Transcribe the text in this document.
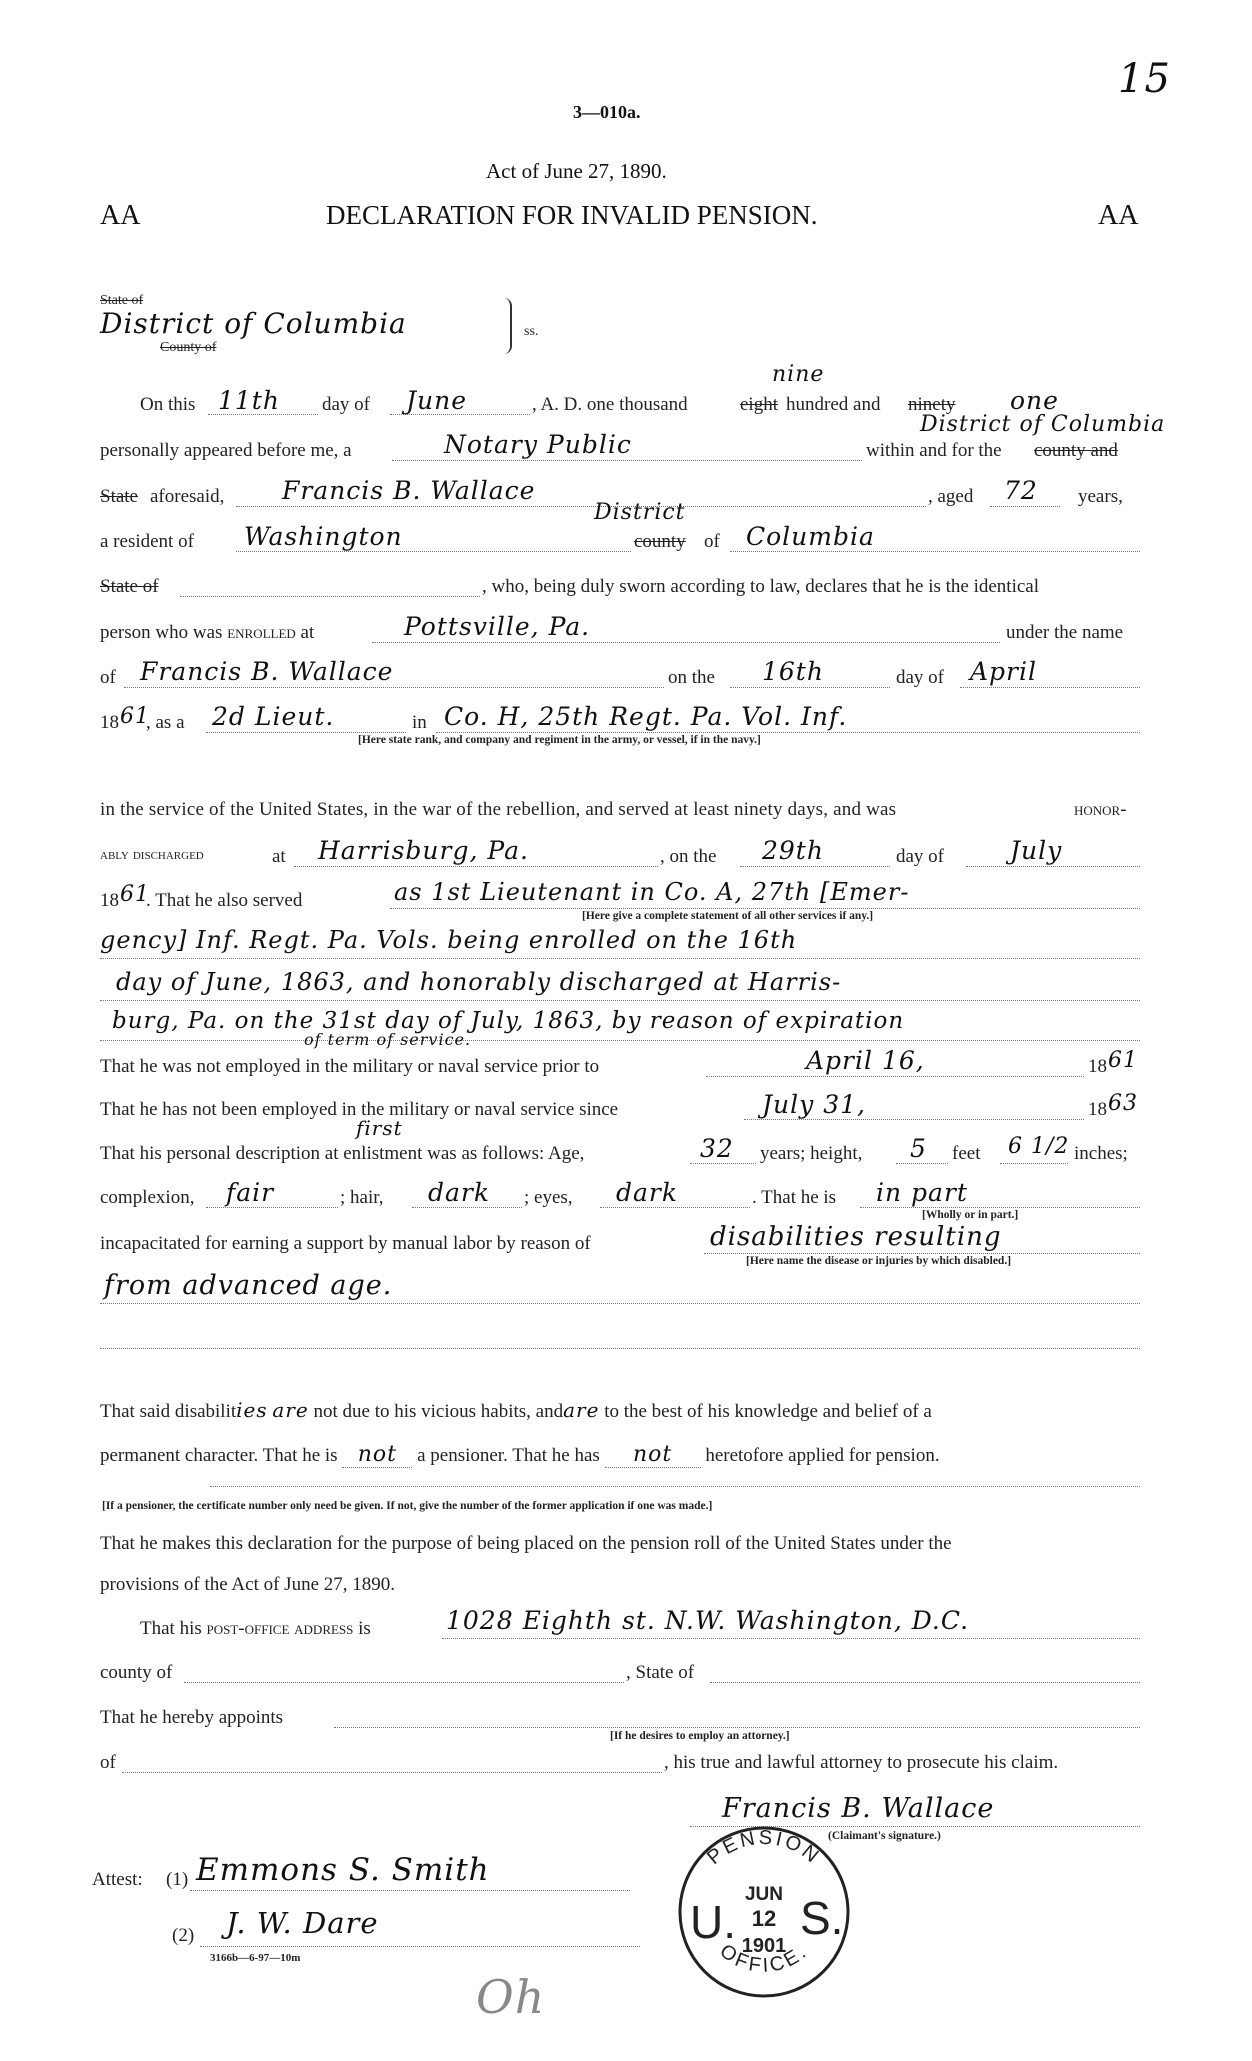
3—010a.
15
Act of June 27, 1890.
AA	DECLARATION FOR INVALID PENSION.	AA
State of
District of Columbia
County of
ss.
On this 11th day of June	, A. D. one thousand	eight
nine
hundred and ninety one
personally appeared before me, a	Notary Public	within and for the county and
District of Columbia
State aforesaid, Francis B. Wallace	, aged 72 years,
a resident of Washington
District
county of Columbia
State of	, who, being duly sworn according to law, declares that he is the identical
person who was enrolled at	Pottsville, Pa.	under the name
of Francis B. Wallace	on the 16th	day of April
18 61
, as a 2d Lieut.	in Co. H, 25th Regt. Pa. Vol. Inf.
[Here state rank, and company and regiment in the army, or vessel, if in the navy.]
in the service of the United States, in the war of the rebellion, and served at least ninety days, and was	honor-
ably discharged	at Harrisburg, Pa.	, on the 29th	day of	July
18 61
. That he also served	as 1st Lieutenant in Co. A, 27th [Emer-
[Here give a complete statement of all other services if any.]
gency] Inf. Regt. Pa. Vols. being enrolled on the 16th
day of June, 1863, and honorably discharged at Harris-
burg, Pa. on the 31st day of July, 1863, by reason of expiration
of term of service.
That he was not employed in the military or naval service prior to	April 16,	18 61
That he has not been employed in the military or naval service since	July 31,	18 63
first
That his personal description at enlistment was as follows: Age,	32 years; height, 5 feet 6 1/2 inches;
complexion, fair	; hair, dark ; eyes, dark	. That he is in part
[Wholly or in part.]
incapacitated for earning a support by manual labor by reason of	disabilities resulting
[Here name the disease or injuries by which disabled.]
from advanced age.
That said disabilities are not due to his vicious habits, andare to the best of his knowledge and belief of a
permanent character. That he is not a pensioner. That he has not heretofore applied for pension.
[If a pensioner, the certificate number only need be given. If not, give the number of the former application if one was made.]
That he makes this declaration for the purpose of being placed on the pension roll of the United States under the
provisions of the Act of June 27, 1890.
That his post-office address is	1028 Eighth st. N.W. Washington, D.C.
county of	, State of
That he hereby appoints
[If he desires to employ an attorney.]
of	, his true and lawful attorney to prosecute his claim.
Francis B. Wallace
(Claimant's signature.)
Attest: (1) Emmons S. Smith
(2) J. W. Dare
3166b—6-97—10m
Oh
PENSION
OFFICE.
U. S.
JUN
12
1901
